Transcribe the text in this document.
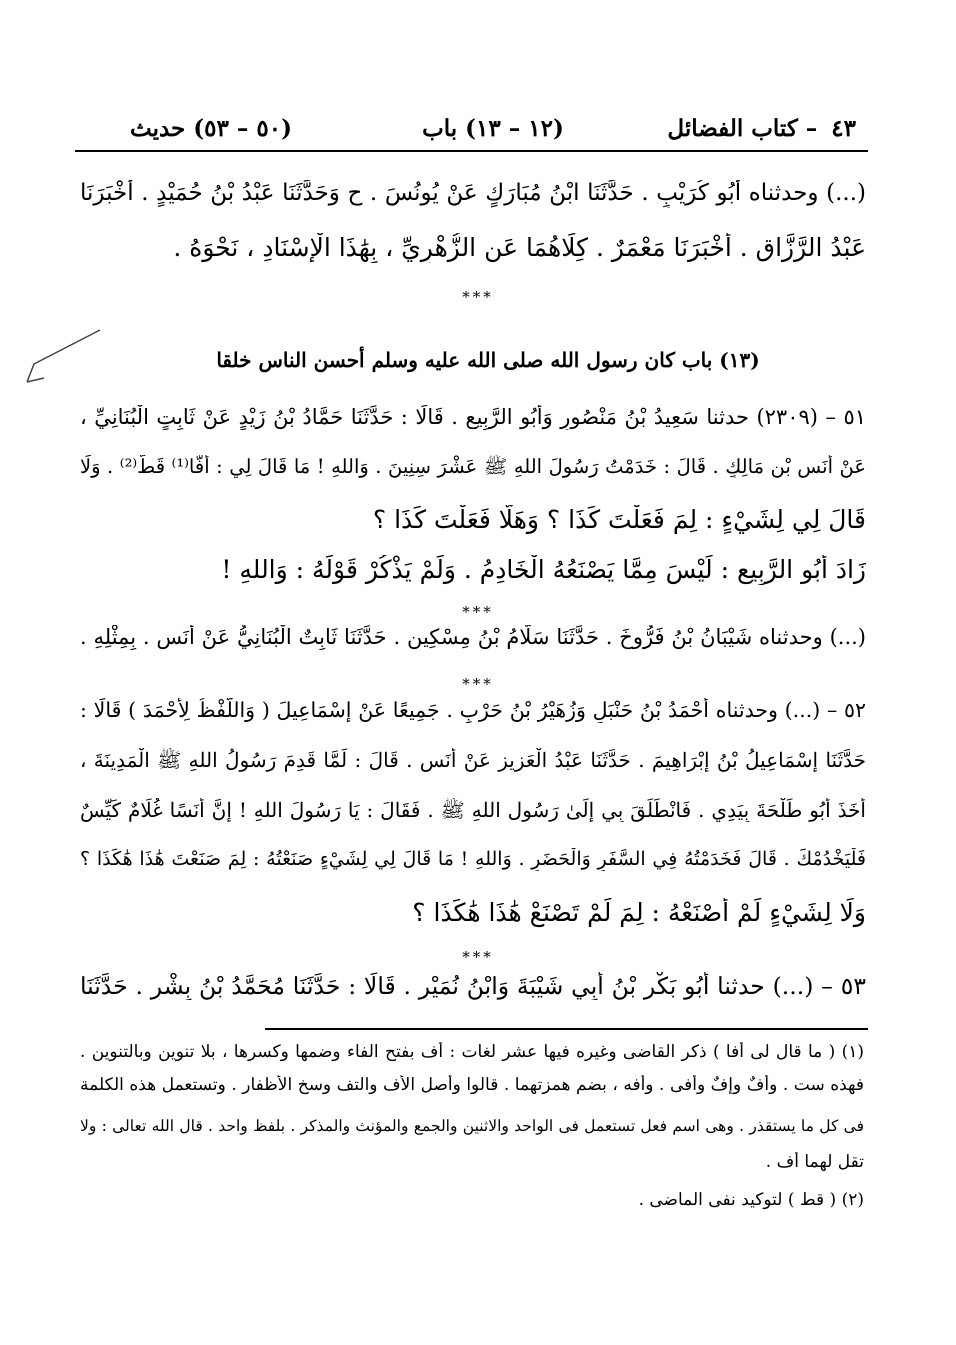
٤٣
– كتاب الفضائل
(١٢ – ١٣) باب
(٥٠ – ٥٣) حديث
(...) وحدثناه أَبُو كُرَيْبٍ . حَدَّثَنَا ابْنُ مُبَارَكٍ عَنْ يُونُسَ . ح وَحَدَّثَنَا عَبْدُ بْنُ حُمَيْدٍ . أَخْبَرَنَا
عَبْدُ الرَّزَّاقِ . أَخْبَرَنَا مَعْمَرٌ . كِلَاهُمَا عَنِ الزُّهْرِيِّ ، بِهَٰذَا الْإِسْنَادِ ، نَحْوَهُ .
***
(١٣) باب كان رسول الله صلى الله عليه وسلم أحسن الناس خلقا
٥١ – (٢٣٠٩) حدثنا سَعِيدُ بْنُ مَنْصُورٍ وَأَبُو الرَّبِيعِ . قَالَا : حَدَّثَنَا حَمَّادُ بْنُ زَيْدٍ عَنْ ثَابِتٍ الْبُنَانِيِّ ،
عَنْ أَنَسِ بْنِ مَالِكٍ . قَالَ : خَدَمْتُ رَسُولَ اللهِ ﷺ عَشْرَ سِنِينَ . وَاللهِ ! مَا قَالَ لِي : أُفًّا⁽¹⁾ قَطُّ⁽²⁾ . وَلَا
قَالَ لِي لِشَيْءٍ : لِمَ فَعَلْتَ كَذَا ؟ وَهَلَّا فَعَلْتَ كَذَا ؟
زَادَ أَبُو الرَّبِيعِ : لَيْسَ مِمَّا يَصْنَعُهُ الْخَادِمُ . وَلَمْ يَذْكُرْ قَوْلَهُ : وَاللهِ !
***
(...) وحدثناه شَيْبَانُ بْنُ فَرُّوخَ . حَدَّثَنَا سَلَّامُ بْنُ مِسْكِينٍ . حَدَّثَنَا ثَابِتٌ الْبُنَانِيُّ عَنْ أَنَسٍ . بِمِثْلِهِ .
***
٥٢ – (...) وحدثناه أَحْمَدُ بْنُ حَنْبَلٍ وَزُهَيْرُ بْنُ حَرْبٍ . جَمِيعًا عَنْ إِسْمَاعِيلَ ( وَاللَّفْظُ لِأَحْمَدَ ) قَالَا :
حَدَّثَنَا إِسْمَاعِيلُ بْنُ إِبْرَاهِيمَ . حَدَّثَنَا عَبْدُ الْعَزِيزِ عَنْ أَنَسٍ . قَالَ : لَمَّا قَدِمَ رَسُولُ اللهِ ﷺ الْمَدِينَةَ ،
أَخَذَ أَبُو طَلْحَةَ بِيَدِي . فَانْطَلَقَ بِي إِلَىٰ رَسُولِ اللهِ ﷺ . فَقَالَ : يَا رَسُولَ اللهِ ! إِنَّ أَنَسًا غُلَامٌ كَيِّسٌ
فَلْيَخْدُمْكَ . قَالَ فَخَدَمْتُهُ فِي السَّفَرِ وَالْحَضَرِ . وَاللهِ ! مَا قَالَ لِي لِشَيْءٍ صَنَعْتُهُ : لِمَ صَنَعْتَ هَٰذَا هَٰكَذَا ؟
وَلَا لِشَيْءٍ لَمْ أَصْنَعْهُ : لِمَ لَمْ تَصْنَعْ هَٰذَا هَٰكَذَا ؟
***
٥٣ – (...) حدثنا أَبُو بَكْرِ بْنُ أَبِي شَيْبَةَ وَابْنُ نُمَيْرٍ . قَالَا : حَدَّثَنَا مُحَمَّدُ بْنُ بِشْرٍ . حَدَّثَنَا
(١) ( ما قال لى أفا ) ذكر القاضى وغيره فيها عشر لغات : أف بفتح الفاء وضمها وكسرها ، بلا تنوين وبالتنوين .
فهذه ست . وأفٌ وإفٌ وأفى . وأفه ، بضم همزتهما . قالوا وأصل الأف والتف وسخ الأظفار . وتستعمل هذه الكلمة
فى كل ما يستقذر . وهى اسم فعل تستعمل فى الواحد والاثنين والجمع والمؤنث والمذكر . بلفظ واحد . قال الله تعالى : ولا
تقل لهما أف .
(٢) ( قط ) لتوكيد نفى الماضى .
